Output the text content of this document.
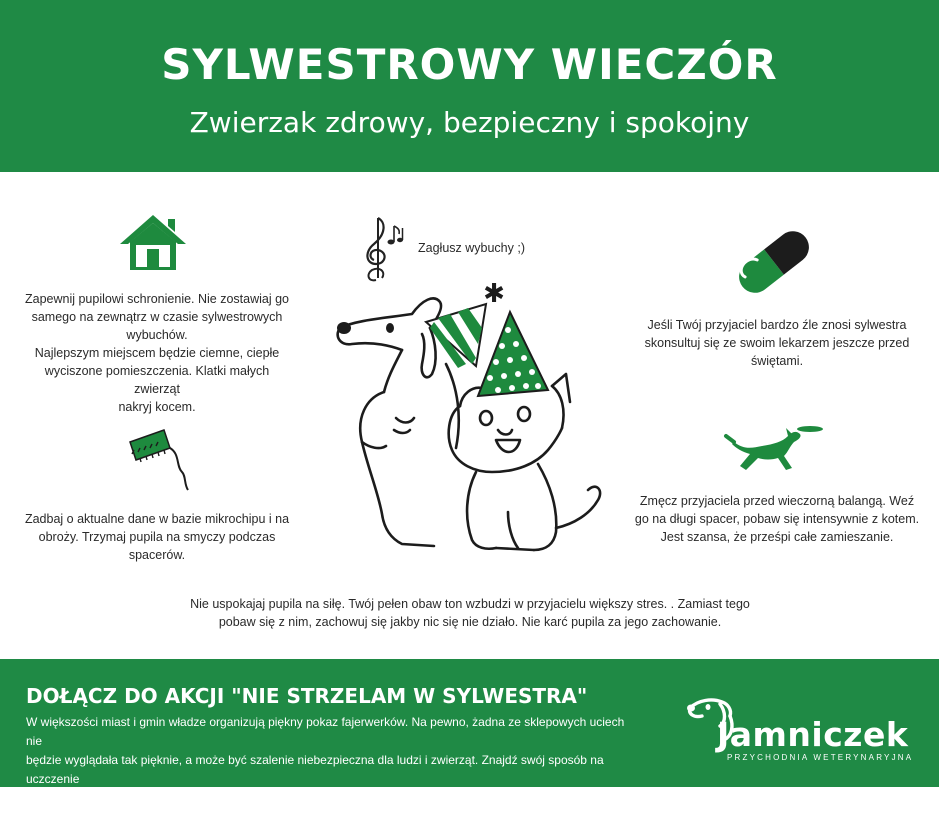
SYLWESTROWY WIECZÓR
Zwierzak zdrowy, bezpieczny i spokojny

Zapewnij pupilowi schronienie. Nie zostawiaj go

samego na zewnątrz w czasie sylwestrowych

wybuchów.

Najlepszym miejscem będzie ciemne, ciepłe

wyciszone pomieszczenia. Klatki małych zwierząt

nakryj kocem.

Zagłusz wybuchy ;)

Jeśli Twój przyjaciel bardzo źle znosi sylwestra

skonsultuj się ze swoim lekarzem jeszcze przed

świętami.

Zadbaj o aktualne dane w bazie mikrochipu i na

obroży. Trzymaj pupila na smyczy podczas

spacerów.

Zmęcz przyjaciela przed wieczorną balangą. Weź

go na długi spacer, pobaw się intensywnie z kotem.

Jest szansa, że prześpi całe zamieszanie.

✱

Nie uspokajaj pupila na siłę. Twój pełen obaw ton wzbudzi w przyjacielu większy stres. . Zamiast tego

pobaw się z nim, zachowuj się jakby nic się nie działo. Nie karć pupila za jego zachowanie.

DOŁĄCZ DO AKCJI "NIE STRZELAM W SYLWESTRA"
W większości miast i gmin władze organizują piękny pokaz fajerwerków. Na pewno, żadna ze sklepowych uciech nie
będzie wyglądała tak pięknie, a może być szalenie niebezpieczna dla ludzi i zwierząt. Znajdź swój sposób na uczczenie
nowego roku. Zimne ognie, taniec ze świecami, wspólne odśpiewanie "I Run" albo innego hiciora minionych dekad. ;)
Jamniczek
PRZYCHODNIA WETERYNARYJNA
